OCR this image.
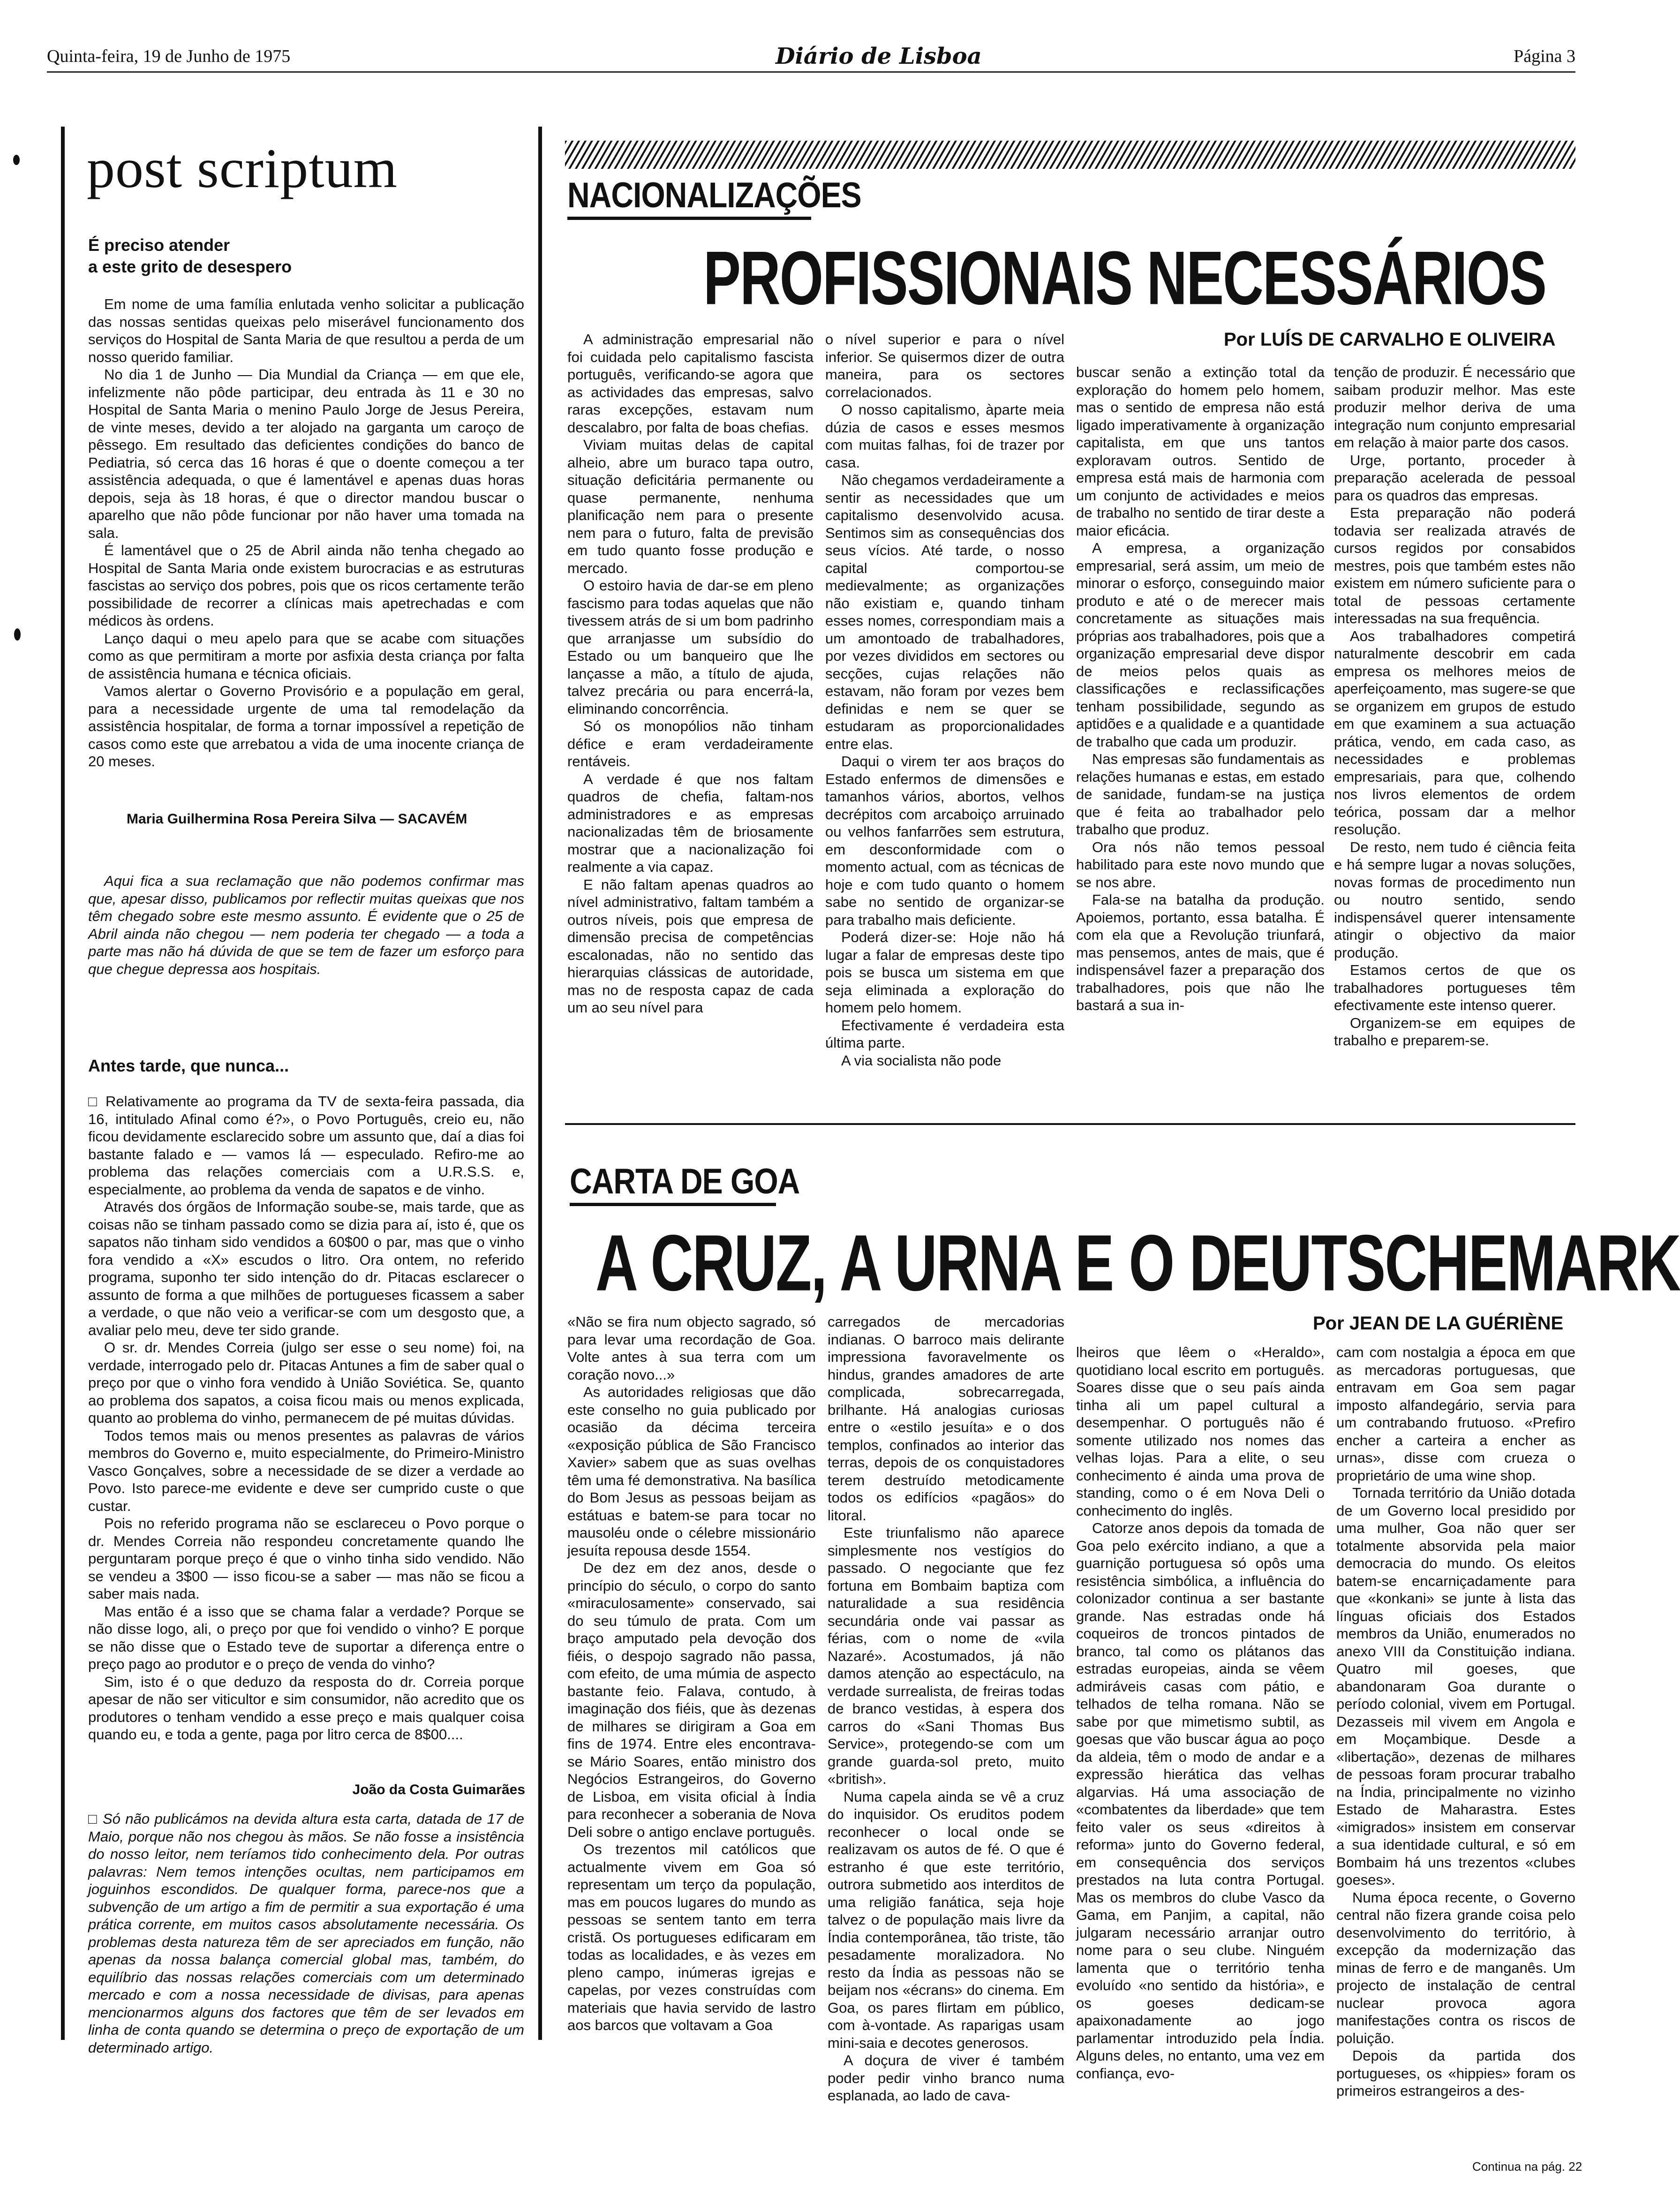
Quinta-feira, 19 de Junho de 1975	Diário de Lisboa	Página 3
post scriptum
É preciso atender
a este grito de desespero

Em nome de uma família enlutada venho solicitar a publicação das nossas sentidas queixas pelo miserável funcionamento dos serviços do Hospital de Santa Maria de que resultou a perda de um nosso querido familiar.

No dia 1 de Junho — Dia Mundial da Criança — em que ele, infelizmente não pôde participar, deu entrada às 11 e 30 no Hospital de Santa Maria o menino Paulo Jorge de Jesus Pereira, de vinte meses, devido a ter alojado na garganta um caroço de pêssego. Em resultado das deficientes condições do banco de Pediatria, só cerca das 16 horas é que o doente começou a ter assistência adequada, o que é lamentável e apenas duas horas depois, seja às 18 horas, é que o director mandou buscar o aparelho que não pôde funcionar por não haver uma tomada na sala.

É lamentável que o 25 de Abril ainda não tenha chegado ao Hospital de Santa Maria onde existem burocracias e as estruturas fascistas ao serviço dos pobres, pois que os ricos certamente terão possibilidade de recorrer a clínicas mais apetrechadas e com médicos às ordens.

Lanço daqui o meu apelo para que se acabe com situações como as que permitiram a morte por asfixia desta criança por falta de assistência humana e técnica oficiais.

Vamos alertar o Governo Provisório e a população em geral, para a necessidade urgente de uma tal remodelação da assistência hospitalar, de forma a tornar impossível a repetição de casos como este que arrebatou a vida de uma inocente criança de 20 meses.

Maria Guilhermina Rosa Pereira Silva — SACAVÉM

Aqui fica a sua reclamação que não podemos confirmar mas que, apesar disso, publicamos por reflectir muitas queixas que nos têm chegado sobre este mesmo assunto. É evidente que o 25 de Abril ainda não chegou — nem poderia ter chegado — a toda a parte mas não há dúvida de que se tem de fazer um esforço para que chegue depressa aos hospitais.

Antes tarde, que nunca...

□ Relativamente ao programa da TV de sexta-feira passada, dia 16, intitulado Afinal como é?», o Povo Português, creio eu, não ficou devidamente esclarecido sobre um assunto que, daí a dias foi bastante falado e — vamos lá — especulado. Refiro-me ao problema das relações comerciais com a U.R.S.S. e, especialmente, ao problema da venda de sapatos e de vinho.

Através dos órgãos de Informação soube-se, mais tarde, que as coisas não se tinham passado como se dizia para aí, isto é, que os sapatos não tinham sido vendidos a 60$00 o par, mas que o vinho fora vendido a «X» escudos o litro. Ora ontem, no referido programa, suponho ter sido intenção do dr. Pitacas esclarecer o assunto de forma a que milhões de portugueses ficassem a saber a verdade, o que não veio a verificar-se com um desgosto que, a avaliar pelo meu, deve ter sido grande.

O sr. dr. Mendes Correia (julgo ser esse o seu nome) foi, na verdade, interrogado pelo dr. Pitacas Antunes a fim de saber qual o preço por que o vinho fora vendido à União Soviética. Se, quanto ao problema dos sapatos, a coisa ficou mais ou menos explicada, quanto ao problema do vinho, permanecem de pé muitas dúvidas.

Todos temos mais ou menos presentes as palavras de vários membros do Governo e, muito especialmente, do Primeiro-Ministro Vasco Gonçalves, sobre a necessidade de se dizer a verdade ao Povo. Isto parece-me evidente e deve ser cumprido custe o que custar.

Pois no referido programa não se esclareceu o Povo porque o dr. Mendes Correia não respondeu concretamente quando lhe perguntaram porque preço é que o vinho tinha sido vendido. Não se vendeu a 3$00 — isso ficou-se a saber — mas não se ficou a saber mais nada.

Mas então é a isso que se chama falar a verdade? Porque se não disse logo, ali, o preço por que foi vendido o vinho? E porque se não disse que o Estado teve de suportar a diferença entre o preço pago ao produtor e o preço de venda do vinho?

Sim, isto é o que deduzo da resposta do dr. Correia porque apesar de não ser viticultor e sim consumidor, não acredito que os produtores o tenham vendido a esse preço e mais qualquer coisa quando eu, e toda a gente, paga por litro cerca de 8$00....

João da Costa Guimarães

□ Só não publicámos na devida altura esta carta, datada de 17 de Maio, porque não nos chegou às mãos. Se não fosse a insistência do nosso leitor, nem teríamos tido conhecimento dela. Por outras palavras: Nem temos intenções ocultas, nem participamos em joguinhos escondidos. De qualquer forma, parece-nos que a subvenção de um artigo a fim de permitir a sua exportação é uma prática corrente, em muitos casos absolutamente necessária. Os problemas desta natureza têm de ser apreciados em função, não apenas da nossa balança comercial global mas, também, do equilíbrio das nossas relações comerciais com um determinado mercado e com a nossa necessidade de divisas, para apenas mencionarmos alguns dos factores que têm de ser levados em linha de conta quando se determina o preço de exportação de um determinado artigo.

NACIONALIZAÇÕES
PROFISSIONAIS NECESSÁRIOS
Por LUÍS DE CARVALHO E OLIVEIRA

A administração empresarial não foi cuidada pelo capitalismo fascista português, verificando-se agora que as actividades das empresas, salvo raras excepções, estavam num descalabro, por falta de boas chefias.

Viviam muitas delas de capital alheio, abre um buraco tapa outro, situação deficitária permanente ou quase permanente, nenhuma planificação nem para o presente nem para o futuro, falta de previsão em tudo quanto fosse produção e mercado.

O estoiro havia de dar-se em pleno fascismo para todas aquelas que não tivessem atrás de si um bom padrinho que arranjasse um subsídio do Estado ou um banqueiro que lhe lançasse a mão, a título de ajuda, talvez precária ou para encerrá-la, eliminando concorrência.

Só os monopólios não tinham défice e eram verdadeiramente rentáveis.

A verdade é que nos faltam quadros de chefia, faltam-nos administradores e as empresas nacionalizadas têm de briosamente mostrar que a nacionalização foi realmente a via capaz.

E não faltam apenas quadros ao nível administrativo, faltam também a outros níveis, pois que empresa de dimensão precisa de competências escalonadas, não no sentido das hierarquias clássicas de autoridade, mas no de resposta capaz de cada um ao seu nível para

o nível superior e para o nível inferior. Se quisermos dizer de outra maneira, para os sectores correlacionados.

O nosso capitalismo, àparte meia dúzia de casos e esses mesmos com muitas falhas, foi de trazer por casa.

Não chegamos verdadeiramente a sentir as necessidades que um capitalismo desenvolvido acusa. Sentimos sim as consequências dos seus vícios. Até tarde, o nosso capital comportou-se medievalmente; as organizações não existiam e, quando tinham esses nomes, correspondiam mais a um amontoado de trabalhadores, por vezes divididos em sectores ou secções, cujas relações não estavam, não foram por vezes bem definidas e nem se quer se estudaram as proporcionalidades entre elas.

Daqui o virem ter aos braços do Estado enfermos de dimensões e tamanhos vários, abortos, velhos decrépitos com arcaboiço arruinado ou velhos fanfarrões sem estrutura, em desconformidade com o momento actual, com as técnicas de hoje e com tudo quanto o homem sabe no sentido de organizar-se para trabalho mais deficiente.

Poderá dizer-se: Hoje não há lugar a falar de empresas deste tipo pois se busca um sistema em que seja eliminada a exploração do homem pelo homem.

Efectivamente é verdadeira esta última parte.

A via socialista não pode

buscar senão a extinção total da exploração do homem pelo homem, mas o sentido de empresa não está ligado imperativamente à organização capitalista, em que uns tantos exploravam outros. Sentido de empresa está mais de harmonia com um conjunto de actividades e meios de trabalho no sentido de tirar deste a maior eficácia.

A empresa, a organização empresarial, será assim, um meio de minorar o esforço, conseguindo maior produto e até o de merecer mais concretamente as situações mais próprias aos trabalhadores, pois que a organização empresarial deve dispor de meios pelos quais as classificações e reclassificações tenham possibilidade, segundo as aptidões e a qualidade e a quantidade de trabalho que cada um produzir.

Nas empresas são fundamentais as relações humanas e estas, em estado de sanidade, fundam-se na justiça que é feita ao trabalhador pelo trabalho que produz.

Ora nós não temos pessoal habilitado para este novo mundo que se nos abre.

Fala-se na batalha da produção. Apoiemos, portanto, essa batalha. É com ela que a Revolução triunfará, mas pensemos, antes de mais, que é indispensável fazer a preparação dos trabalhadores, pois que não lhe bastará a sua in-

tenção de produzir. É necessário que saibam produzir melhor. Mas este produzir melhor deriva de uma integração num conjunto empresarial em relação à maior parte dos casos.

Urge, portanto, proceder à preparação acelerada de pessoal para os quadros das empresas.

Esta preparação não poderá todavia ser realizada através de cursos regidos por consabidos mestres, pois que também estes não existem em número suficiente para o total de pessoas certamente interessadas na sua frequência.

Aos trabalhadores competirá naturalmente descobrir em cada empresa os melhores meios de aperfeiçoamento, mas sugere-se que se organizem em grupos de estudo em que examinem a sua actuação prática, vendo, em cada caso, as necessidades e problemas empresariais, para que, colhendo nos livros elementos de ordem teórica, possam dar a melhor resolução.

De resto, nem tudo é ciência feita e há sempre lugar a novas soluções, novas formas de procedimento nun ou noutro sentido, sendo indispensável querer intensamente atingir o objectivo da maior produção.

Estamos certos de que os trabalhadores portugueses têm efectivamente este intenso querer.

Organizem-se em equipes de trabalho e preparem-se.

CARTA DE GOA
A CRUZ, A URNA E O DEUTSCHEMARK
Por JEAN DE LA GUÉRIÈNE

«Não se fira num objecto sagrado, só para levar uma recordação de Goa. Volte antes à sua terra com um coração novo...»

As autoridades religiosas que dão este conselho no guia publicado por ocasião da décima terceira «exposição pública de São Francisco Xavier» sabem que as suas ovelhas têm uma fé demonstrativa. Na basílica do Bom Jesus as pessoas beijam as estátuas e batem-se para tocar no mausoléu onde o célebre missionário jesuíta repousa desde 1554.

De dez em dez anos, desde o princípio do século, o corpo do santo «miraculosamente» conservado, sai do seu túmulo de prata. Com um braço amputado pela devoção dos fiéis, o despojo sagrado não passa, com efeito, de uma múmia de aspecto bastante feio. Falava, contudo, à imaginação dos fiéis, que às dezenas de milhares se dirigiram a Goa em fins de 1974. Entre eles encontrava-se Mário Soares, então ministro dos Negócios Estrangeiros, do Governo de Lisboa, em visita oficial à Índia para reconhecer a soberania de Nova Deli sobre o antigo enclave português.

Os trezentos mil católicos que actualmente vivem em Goa só representam um terço da população, mas em poucos lugares do mundo as pessoas se sentem tanto em terra cristã. Os portugueses edificaram em todas as localidades, e às vezes em pleno campo, inúmeras igrejas e capelas, por vezes construídas com materiais que havia servido de lastro aos barcos que voltavam a Goa

carregados de mercadorias indianas. O barroco mais delirante impressiona favoravelmente os hindus, grandes amadores de arte complicada, sobrecarregada, brilhante. Há analogias curiosas entre o «estilo jesuíta» e o dos templos, confinados ao interior das terras, depois de os conquistadores terem destruído metodicamente todos os edifícios «pagãos» do litoral.

Este triunfalismo não aparece simplesmente nos vestígios do passado. O negociante que fez fortuna em Bombaim baptiza com naturalidade a sua residência secundária onde vai passar as férias, com o nome de «vila Nazaré». Acostumados, já não damos atenção ao espectáculo, na verdade surrealista, de freiras todas de branco vestidas, à espera dos carros do «Sani Thomas Bus Service», protegendo-se com um grande guarda-sol preto, muito «british».

Numa capela ainda se vê a cruz do inquisidor. Os eruditos podem reconhecer o local onde se realizavam os autos de fé. O que é estranho é que este território, outrora submetido aos interditos de uma religião fanática, seja hoje talvez o de população mais livre da Índia contemporânea, tão triste, tão pesadamente moralizadora. No resto da Índia as pessoas não se beijam nos «écrans» do cinema. Em Goa, os pares flirtam em público, com à-vontade. As raparigas usam mini-saia e decotes generosos.

A doçura de viver é também poder pedir vinho branco numa esplanada, ao lado de cava-

lheiros que lêem o «Heraldo», quotidiano local escrito em português. Soares disse que o seu país ainda tinha ali um papel cultural a desempenhar. O português não é somente utilizado nos nomes das velhas lojas. Para a elite, o seu conhecimento é ainda uma prova de standing, como o é em Nova Deli o conhecimento do inglês.

Catorze anos depois da tomada de Goa pelo exército indiano, a que a guarnição portuguesa só opôs uma resistência simbólica, a influência do colonizador continua a ser bastante grande. Nas estradas onde há coqueiros de troncos pintados de branco, tal como os plátanos das estradas europeias, ainda se vêem admiráveis casas com pátio, e telhados de telha romana. Não se sabe por que mimetismo subtil, as goesas que vão buscar água ao poço da aldeia, têm o modo de andar e a expressão hierática das velhas algarvias. Há uma associação de «combatentes da liberdade» que tem feito valer os seus «direitos à reforma» junto do Governo federal, em consequência dos serviços prestados na luta contra Portugal. Mas os membros do clube Vasco da Gama, em Panjim, a capital, não julgaram necessário arranjar outro nome para o seu clube. Ninguém lamenta que o território tenha evoluído «no sentido da história», e os goeses dedicam-se apaixonadamente ao jogo parlamentar introduzido pela Índia. Alguns deles, no entanto, uma vez em confiança, evo-

cam com nostalgia a época em que as mercadoras portuguesas, que entravam em Goa sem pagar imposto alfandegário, servia para um contrabando frutuoso. «Prefiro encher a carteira a encher as urnas», disse com crueza o proprietário de uma wine shop.

Tornada território da União dotada de um Governo local presidido por uma mulher, Goa não quer ser totalmente absorvida pela maior democracia do mundo. Os eleitos batem-se encarniçadamente para que «konkani» se junte à lista das línguas oficiais dos Estados membros da União, enumerados no anexo VIII da Constituição indiana. Quatro mil goeses, que abandonaram Goa durante o período colonial, vivem em Portugal. Dezasseis mil vivem em Angola e em Moçambique. Desde a «libertação», dezenas de milhares de pessoas foram procurar trabalho na Índia, principalmente no vizinho Estado de Maharastra. Estes «imigrados» insistem em conservar a sua identidade cultural, e só em Bombaim há uns trezentos «clubes goeses».

Numa época recente, o Governo central não fizera grande coisa pelo desenvolvimento do território, à excepção da modernização das minas de ferro e de manganês. Um projecto de instalação de central nuclear provoca agora manifestações contra os riscos de poluição.

Depois da partida dos portugueses, os «hippies» foram os primeiros estrangeiros a des-

Continua na pág. 22
